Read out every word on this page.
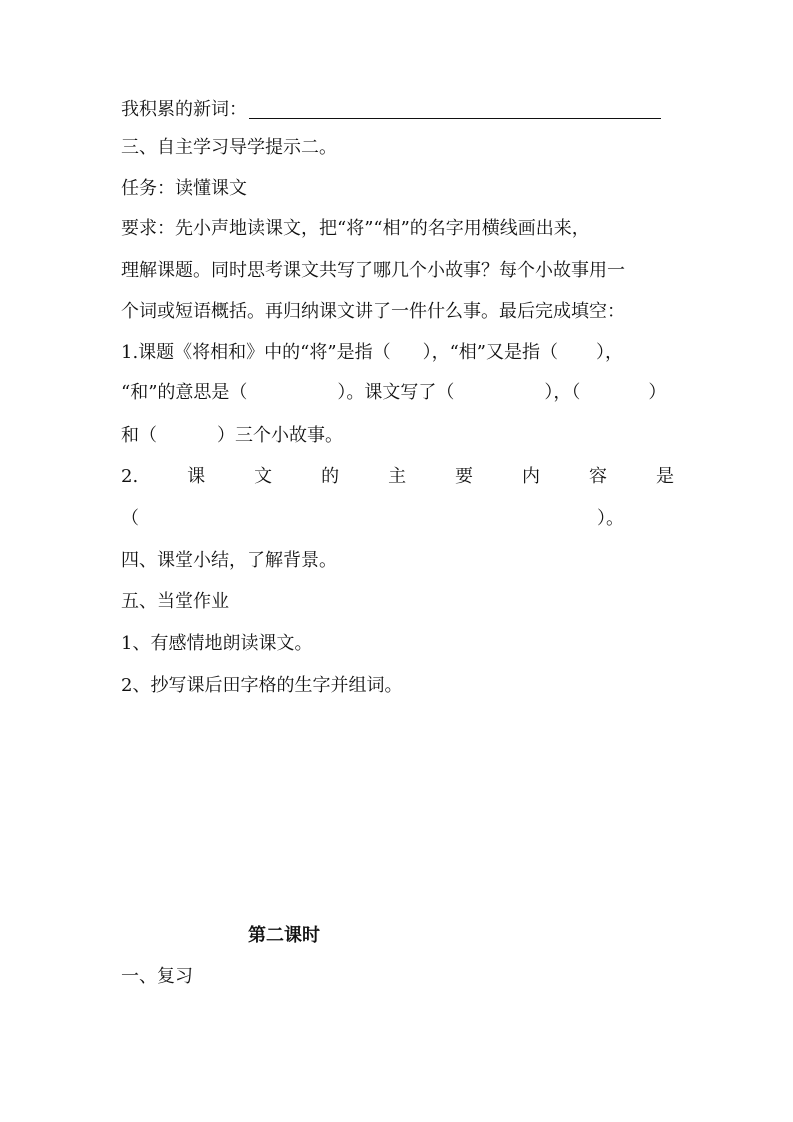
我积累的新词：
三、自主学习导学提示二。
任务：读懂课文
要求：先小声地读课文，把“将”“相”的名字用横线画出来，
理解课题。同时思考课文共写了哪几个小故事？每个小故事用一
个词或短语概括。再归纳课文讲了一件什么事。最后完成填空：
1.课题《将相和》中的“将”是指（ ），“相”又是指（ ），
“和”的意思是（	）。课文写了（	），（	）
和（	）三个小故事。
2.	课	文	的	主	要	内	容	是
（	）。
四、课堂小结，了解背景。
五、当堂作业
1、有感情地朗读课文。
2、抄写课后田字格的生字并组词。
第二课时
一、复习
